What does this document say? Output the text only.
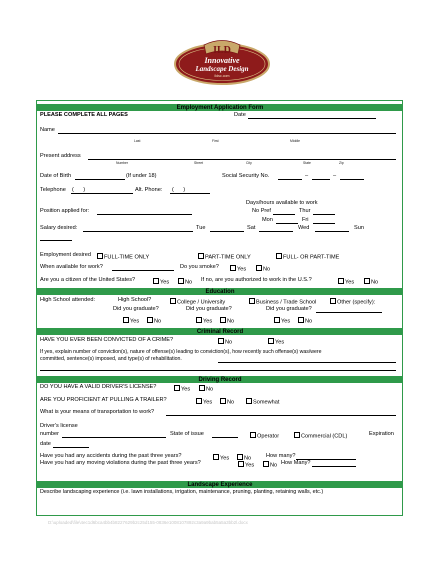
ILD
Innovative
Landscape Design
ildsc.com
Employment Application Form
PLEASE COMPLETE ALL PAGES	Date
Name
Last	First	Middle
Present address
Number	Street	City	State	Zip
Date of Birth	(If under 18)	Social Security No.	–	–
Telephone (      )	Alt. Phone: (      )
Days/hours available to work
Position applied for:	No Pref	Thur
Mon	Fri
Salary desired:	Tue	Sat	Wed	Sun
Employment desired	FULL-TIME ONLY	PART-TIME ONLY	FULL- OR PART-TIME
When available for work?	Do you smoke?	Yes	No
Are you a citizen of the United States?	Yes	No If no, are you authorized to work in the U.S.?	Yes	No
Education
High School attended:	High School?	College / University	Business / Trade School	Other (specify):
Did you graduate?	Did you graduate?	Did you graduate?
Yes	No	Yes	No	Yes	No
Criminal Record
HAVE YOU EVER BEEN CONVICTED OF A CRIME?	No	Yes
If yes, explain number of conviction(s), nature of offense(s) leading to conviction(s), how recently such offense(s) was/were
committed, sentence(s) imposed, and type(s) of rehabilitation.
Driving Record
DO YOU HAVE A VALID DRIVER'S LICENSE?	Yes	No
ARE YOU PROFICIENT AT PULLING A TRAILER?	Yes	No	Somewhat
What is your means of transportation to work?
Driver's license
number	State of issue	Operator	Commercial (CDL)	Expiration
date
Have you had any accidents during the past three years?	Yes	No	How many?
Have you had any moving violations during the past three years?	Yes	No How Many?
Landscape Experience
Describe landscaping experience (i.e. lawn installations, irrigation, maintenance, pruning, planting, retaining walls, etc.)
D:\uploaded\file\4ec1d6bca4bb4b8227629b2c25d155-0836e1008107892c3a9a9bab5a5a3bb2l.docx
